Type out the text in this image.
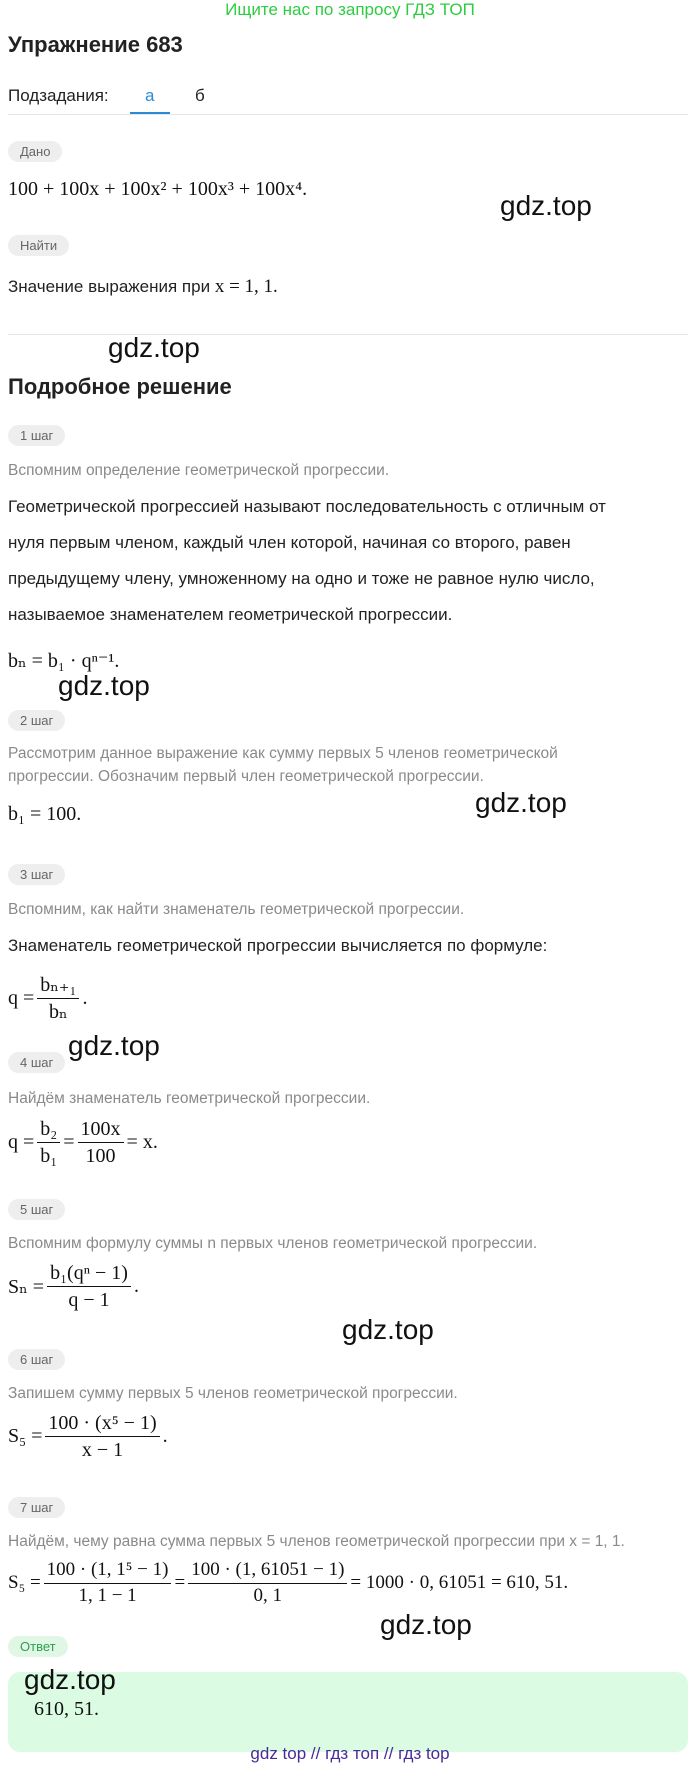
Ищите нас по запросу ГДЗ ТОП
Упражнение 683
Подзадания: а б
Дано
100 + 100x + 100x² + 100x³ + 100x⁴.
gdz.top
Найти
Значение выражения при x = 1, 1.
gdz.top
Подробное решение
1 шаг
Вспомним определение геометрической прогрессии.
Геометрической прогрессией называют последовательность с отличным от
нуля первым членом, каждый член которой, начиная со второго, равен
предыдущему члену, умноженному на одно и тоже не равное нулю число,
называемое знаменателем геометрической прогрессии.
bₙ = b₁ · qⁿ⁻¹.
gdz.top
2 шаг
Рассмотрим данное выражение как сумму первых 5 членов геометрической
прогрессии. Обозначим первый член геометрической прогрессии.
b₁ = 100.	gdz.top
3 шаг
Вспомним, как найти знаменатель геометрической прогрессии.
Знаменатель геометрической прогрессии вычисляется по формуле:
$q = \frac{\text{bₙ₊₁}}{\text{bₙ}}$ .
gdz.top
4 шаг
Найдём знаменатель геометрической прогрессии.
$q = \frac{\text{b₂}}{\text{b₁}} = \frac{100x}{100} = x$.
5 шаг
Вспомним формулу суммы n первых членов геометрической прогрессии.
$S_n = \frac{\text{b₁(qⁿ − 1)}}{q - 1}$ .
gdz.top
6 шаг
Запишем сумму первых 5 членов геометрической прогрессии.
$S_5 = \frac{\text{100 · (x⁵ − 1)}}{x - 1}$ .
7 шаг
Найдём, чему равна сумма первых 5 членов геометрической прогрессии при x = 1, 1.
$S_5 = \frac{\text{100 · (1, 1⁵ − 1)}}{1, 1 - 1} = \frac{100 \cdot (1, 61051 - 1)}{0, 1} = 1000 \cdot 0$, 61051 = 610, 51.
gdz.top
Ответ
610, 51.
gdz.top
gdz top // гдз топ // гдз top
